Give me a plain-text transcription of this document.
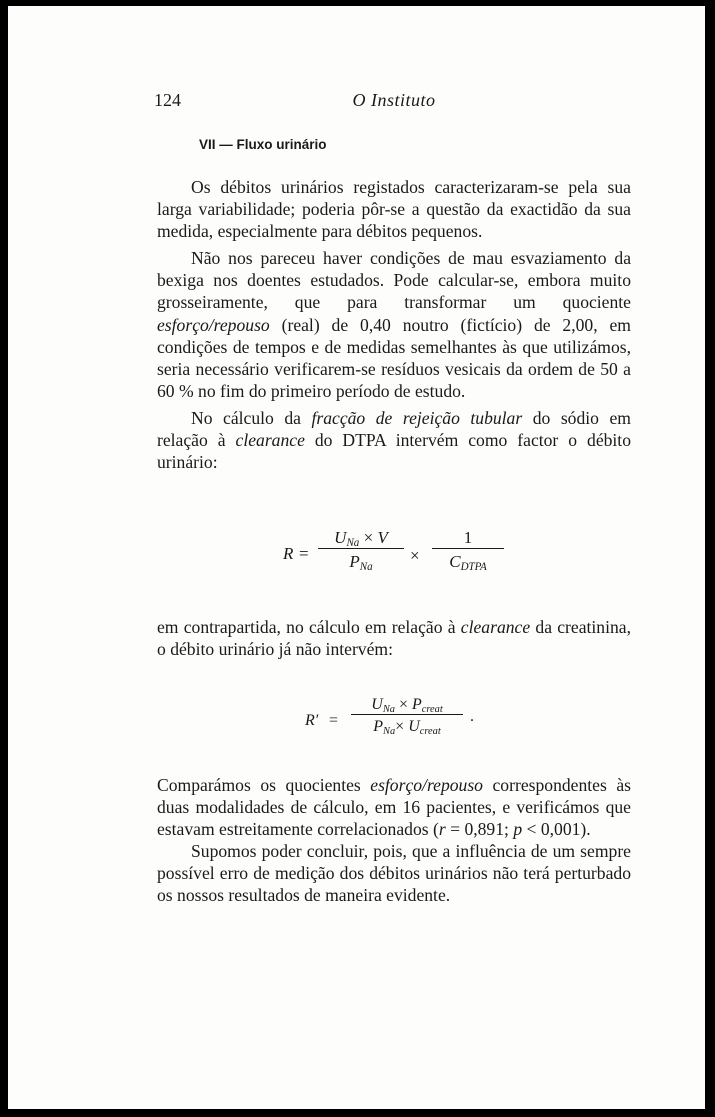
124	O Instituto
VII — Fluxo urinário

Os débitos urinários registados caracterizaram-se pela sua larga variabilidade; poderia pôr-se a questão da exactidão da sua medida, especialmente para débitos pequenos.

Não nos pareceu haver condições de mau esvaziamento da bexiga nos doentes estudados. Pode calcular-se, embora muito grosseiramente, que para transformar um quociente esforço/repouso (real) de 0,40 noutro (fictício) de 2,00, em condições de tempos e de medidas semelhantes às que utilizámos, seria necessário verificarem-se resíduos vesicais da ordem de 50 a 60 % no fim do primeiro período de estudo.

No cálculo da fracção de rejeição tubular do sódio em relação à clearance do DTPA intervém como factor o débito urinário:

R =
$U_{Na} \times V$
$P_{Na}$
×
1
$C_{DTPA}$

em contrapartida, no cálculo em relação à clearance da creatinina, o débito urinário já não intervém:

R′ =
$U_{Na} \times P_{creat}$
$P_{Na}\times U_{creat}$
.

Comparámos os quocientes esforço/repouso correspondentes às duas modalidades de cálculo, em 16 pacientes, e verificámos que estavam estreitamente correlacionados (r = 0,891; p < 0,001).

Supomos poder concluir, pois, que a influência de um sempre possível erro de medição dos débitos urinários não terá perturbado os nossos resultados de maneira evidente.
